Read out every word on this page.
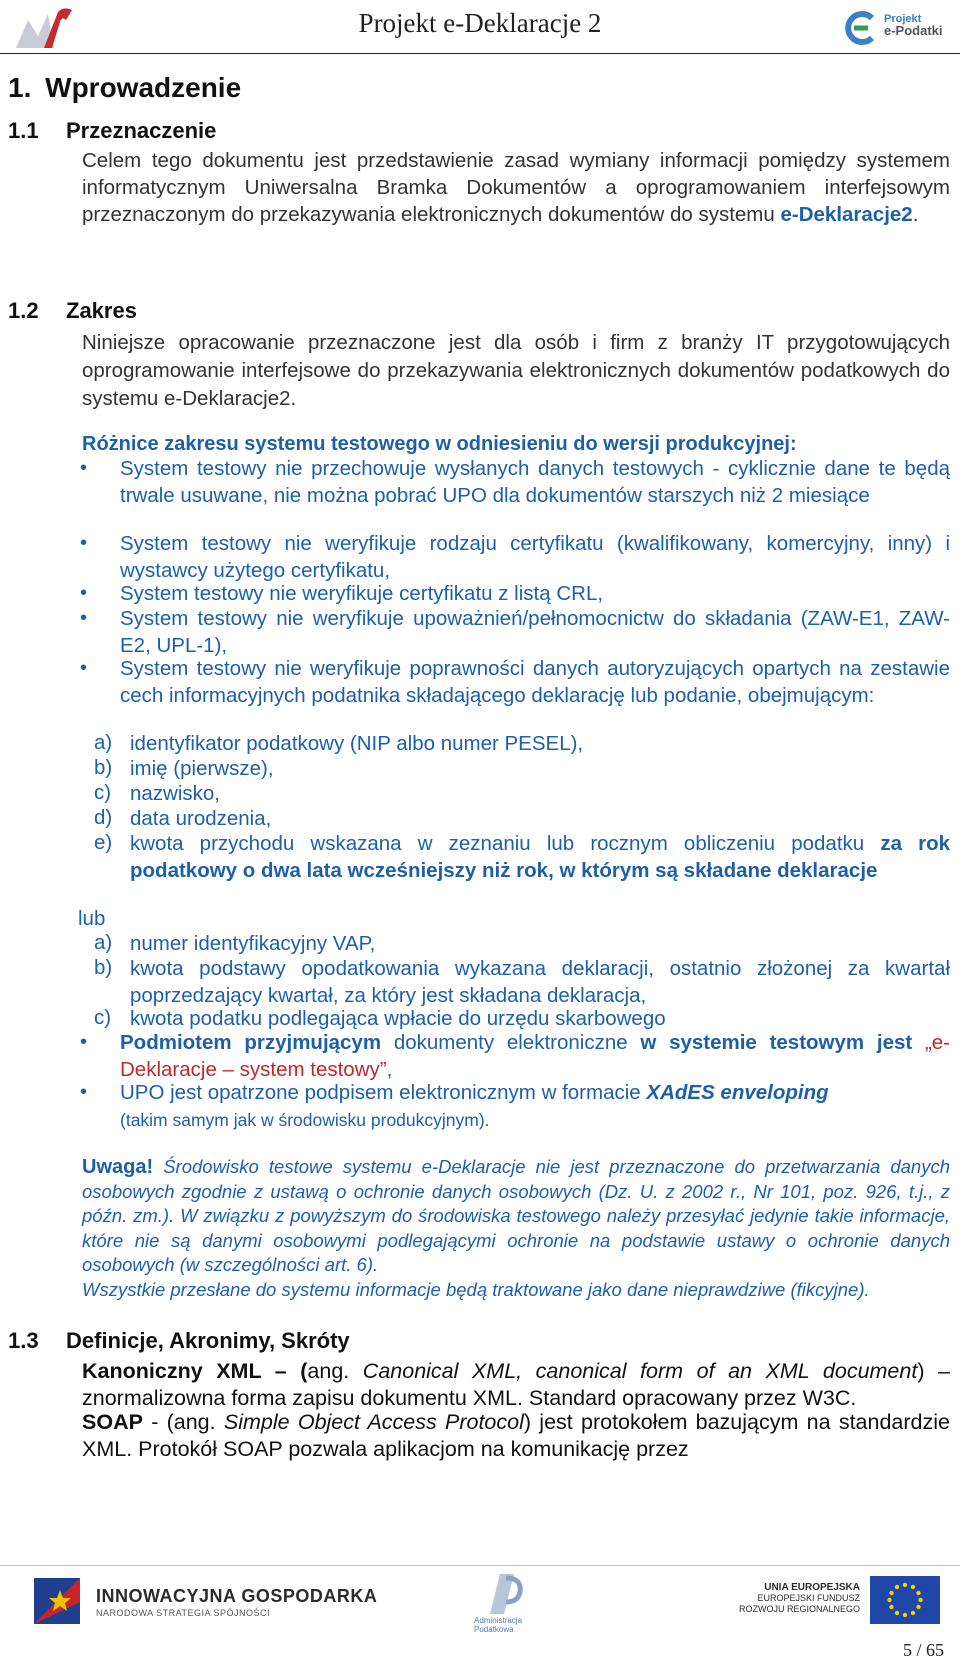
Projekt e-Deklaracje 2	Projekt
e-Podatki
1. Wprowadzenie
1.1 Przeznaczenie
Celem tego dokumentu jest przedstawienie zasad wymiany informacji pomiędzy systemem informatycznym Uniwersalna Bramka Dokumentów a oprogramowaniem interfejsowym przeznaczonym do przekazywania elektronicznych dokumentów do systemu e-Deklaracje2.
1.2 Zakres
Niniejsze opracowanie przeznaczone jest dla osób i firm z branży IT przygotowujących oprogramowanie interfejsowe do przekazywania elektronicznych dokumentów podatkowych do systemu e-Deklaracje2.
Różnice zakresu systemu testowego w odniesieniu do wersji produkcyjnej:
• System testowy nie przechowuje wysłanych danych testowych - cyklicznie dane te będą trwale usuwane, nie można pobrać UPO dla dokumentów starszych niż 2 miesiące
• System testowy nie weryfikuje rodzaju certyfikatu (kwalifikowany, komercyjny, inny) i wystawcy użytego certyfikatu,
• System testowy nie weryfikuje certyfikatu z listą CRL,
• System testowy nie weryfikuje upoważnień/pełnomocnictw do składania (ZAW-E1, ZAW-E2, UPL-1),
• System testowy nie weryfikuje poprawności danych autoryzujących opartych na zestawie cech informacyjnych podatnika składającego deklarację lub podanie, obejmującym:
a) identyfikator podatkowy (NIP albo numer PESEL),
b) imię (pierwsze),
c) nazwisko,
d) data urodzenia,
e) kwota przychodu wskazana w zeznaniu lub rocznym obliczeniu podatku za rok podatkowy o dwa lata wcześniejszy niż rok, w którym są składane deklaracje
lub
a) numer identyfikacyjny VAP,
b) kwota podstawy opodatkowania wykazana deklaracji, ostatnio złożonej za kwartał poprzedzający kwartał, za który jest składana deklaracja,
c) kwota podatku podlegająca wpłacie do urzędu skarbowego
• Podmiotem przyjmującym dokumenty elektroniczne w systemie testowym jest „e-Deklaracje – system testowy”,
• UPO jest opatrzone podpisem elektronicznym w formacie XAdES enveloping
(takim samym jak w środowisku produkcyjnym).
Uwaga! Środowisko testowe systemu e-Deklaracje nie jest przeznaczone do przetwarzania danych osobowych zgodnie z ustawą o ochronie danych osobowych (Dz. U. z 2002 r., Nr 101, poz. 926, t.j., z późn. zm.). W związku z powyższym do środowiska testowego należy przesyłać jedynie takie informacje, które nie są danymi osobowymi podlegającymi ochronie na podstawie ustawy o ochronie danych osobowych (w szczególności art. 6).
Wszystkie przesłane do systemu informacje będą traktowane jako dane nieprawdziwe (fikcyjne).
1.3 Definicje, Akronimy, Skróty
Kanoniczny XML – (ang. Canonical XML, canonical form of an XML document) – znormalizowna forma zapisu dokumentu XML. Standard opracowany przez W3C.
SOAP - (ang. Simple Object Access Protocol) jest protokołem bazującym na standardzie XML. Protokół SOAP pozwala aplikacjom na komunikację przez
INNOWACYJNA GOSPODARKA
NARODOWA STRATEGIA SPÓJNOŚCI
Administracja
Podatkowa
UNIA EUROPEJSKA
EUROPEJSKI FUNDUSZ
ROZWOJU REGIONALNEGO
5 / 65
